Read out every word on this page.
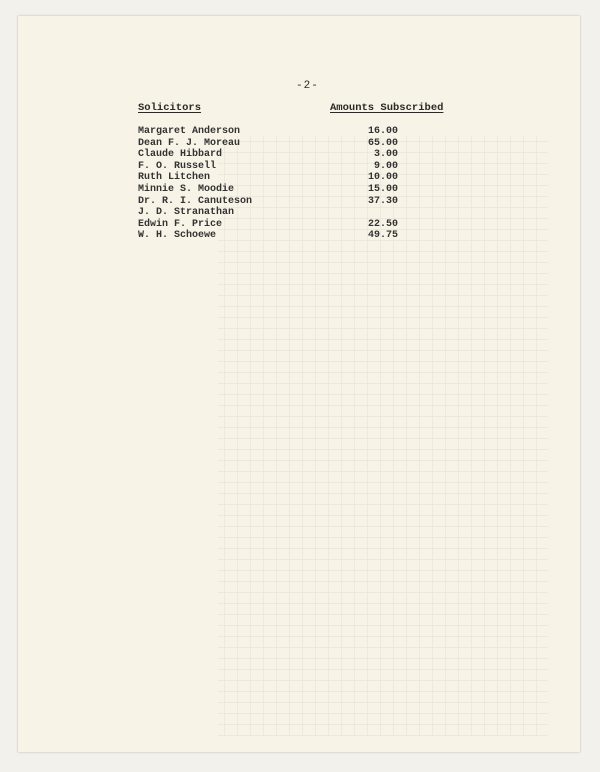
-2-
Solicitors	Amounts Subscribed
Margaret Anderson	16.00
Dean F. J. Moreau	65.00
Claude Hibbard	3.00
F. O. Russell	9.00
Ruth Litchen	10.00
Minnie S. Moodie	15.00
Dr. R. I. Canuteson	37.30
J. D. Stranathan
Edwin F. Price	22.50
W. H. Schoewe	49.75
